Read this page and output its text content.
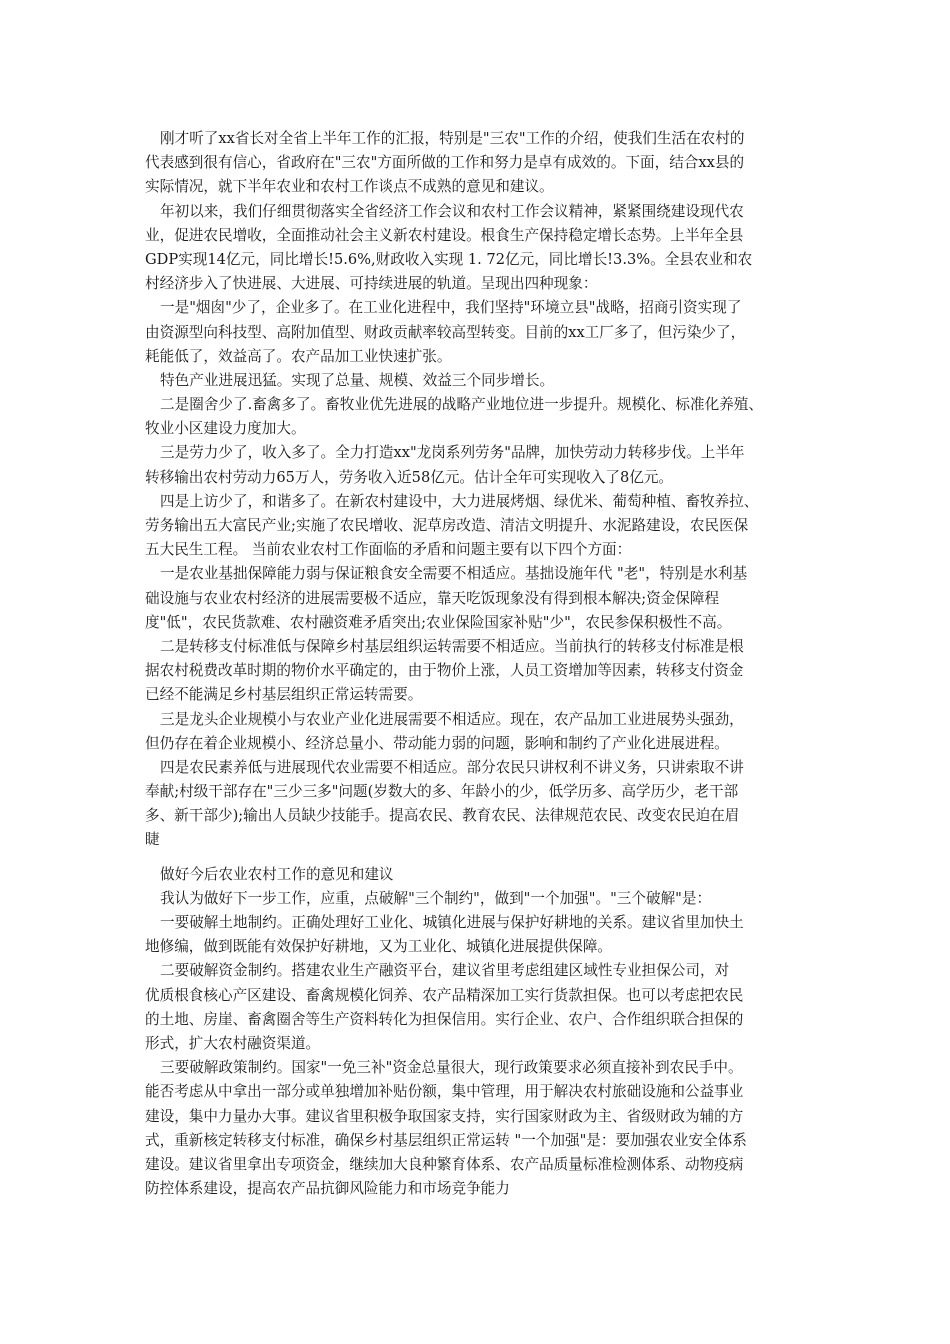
刚才听了xx省长对全省上半年工作的汇报，特别是"三农"工作的介绍，使我们生活在农村的
代表感到很有信心，省政府在"三农"方面所做的工作和努力是卓有成效的。下面，结合xx县的
实际情况，就下半年农业和农村工作谈点不成熟的意见和建议。
年初以来，我们仔细贯彻落实全省经济工作会议和农村工作会议精神，紧紧围绕建设现代农
业，促进农民增收，全面推动社会主义新农村建设。根食生产保持稳定增长态势。上半年全县
GDP实现14亿元，同比增长!5.6%,财政收入实现 1. 72亿元，同比增长!3.3%。全县农业和农
村经济步入了快进展、大进展、可持续进展的轨道。呈现出四种现象：
一是"烟囱"少了，企业多了。在工业化进程中，我们坚持"环境立县"战略，招商引资实现了
由资源型向科技型、高附加值型、财政贡献率较高型转变。目前的xx工厂多了，但污染少了，
耗能低了，效益高了。农产品加工业快速扩张。
特色产业进展迅猛。实现了总量、规模、效益三个同步增长。
二是圈舍少了.畜禽多了。畜牧业优先进展的战略产业地位进一步提升。规模化、标准化养殖、
牧业小区建设力度加大。
三是劳力少了，收入多了。全力打造xx"龙岗系列劳务"品牌，加快劳动力转移步伐。上半年
转移输出农村劳动力65万人，劳务收入近58亿元。估计全年可实现收入了8亿元。
四是上访少了，和谐多了。在新农村建设中，大力进展烤烟、绿优米、葡萄种植、畜牧养拉、
劳务输出五大富民产业;实施了农民增收、泥草房改造、清洁文明提升、水泥路建设，农民医保
五大民生工程。 当前农业农村工作面临的矛盾和问题主要有以下四个方面：
一是农业基拙保障能力弱与保证粮食安全需要不相适应。基拙设施年代 "老"，特别是水利基
础设施与农业农村经济的进展需要极不适应，靠天吃饭现象没有得到根本解决;资金保障程
度"低"，农民货款难、农村融资难矛盾突出;农业保险国家补贴"少"，农民参保积极性不高。
二是转移支付标准低与保障乡村基层组织运转需要不相适应。当前执行的转移支付标准是根
据农村税费改革时期的物价水平确定的，由于物价上涨，人员工资增加等因素，转移支付资金
已经不能满足乡村基层组织正常运转需要。
三是龙头企业规模小与农业产业化进展需要不相适应。现在，农产品加工业进展势头强劲，
但仍存在着企业规模小、经济总量小、带动能力弱的问题，影响和制约了产业化进展进程。
四是农民素养低与进展现代农业需要不相适应。部分农民只讲权利不讲义务，只讲索取不讲
奉献;村级干部存在"三少三多"问题(岁数大的多、年龄小的少，低学历多、高学历少，老干部
多、新干部少);输出人员缺少技能手。提高农民、教育农民、法律规范农民、改变农民迫在眉
睫
做好今后农业农村工作的意见和建议
我认为做好下一步工作，应重，点破解"三个制约"，做到"一个加强"。"三个破解"是：
一要破解土地制约。正确处理好工业化、城镇化进展与保护好耕地的关系。建议省里加快土
地修编，做到既能有效保护好耕地，又为工业化、城镇化进展提供保障。
二要破解资金制约。搭建农业生产融资平台，建议省里考虑组建区域性专业担保公司，对
优质根食核心产区建设、畜禽规模化饲养、农产品精深加工实行货款担保。也可以考虑把农民
的土地、房崖、畜禽圈舍等生产资料转化为担保信用。实行企业、农户、合作组织联合担保的
形式，扩大农村融资渠道。
三要破解政策制约。国家"一免三补"资金总量很大，现行政策要求必须直接补到农民手中。
能否考虑从中拿出一部分或单独增加补贴份额，集中管理，用于解决农村旅础设施和公益事业
建设，集中力量办大事。建议省里积极争取国家支持，实行国家财政为主、省级财政为辅的方
式，重新核定转移支付标准，确保乡村基层组织正常运转 "一个加强"是：要加强农业安全体系
建设。建议省里拿出专项资金，继续加大良种繁育体系、农产品质量标准检测体系、动物疫病
防控体系建设，提高农产品抗御风险能力和市场竞争能力
